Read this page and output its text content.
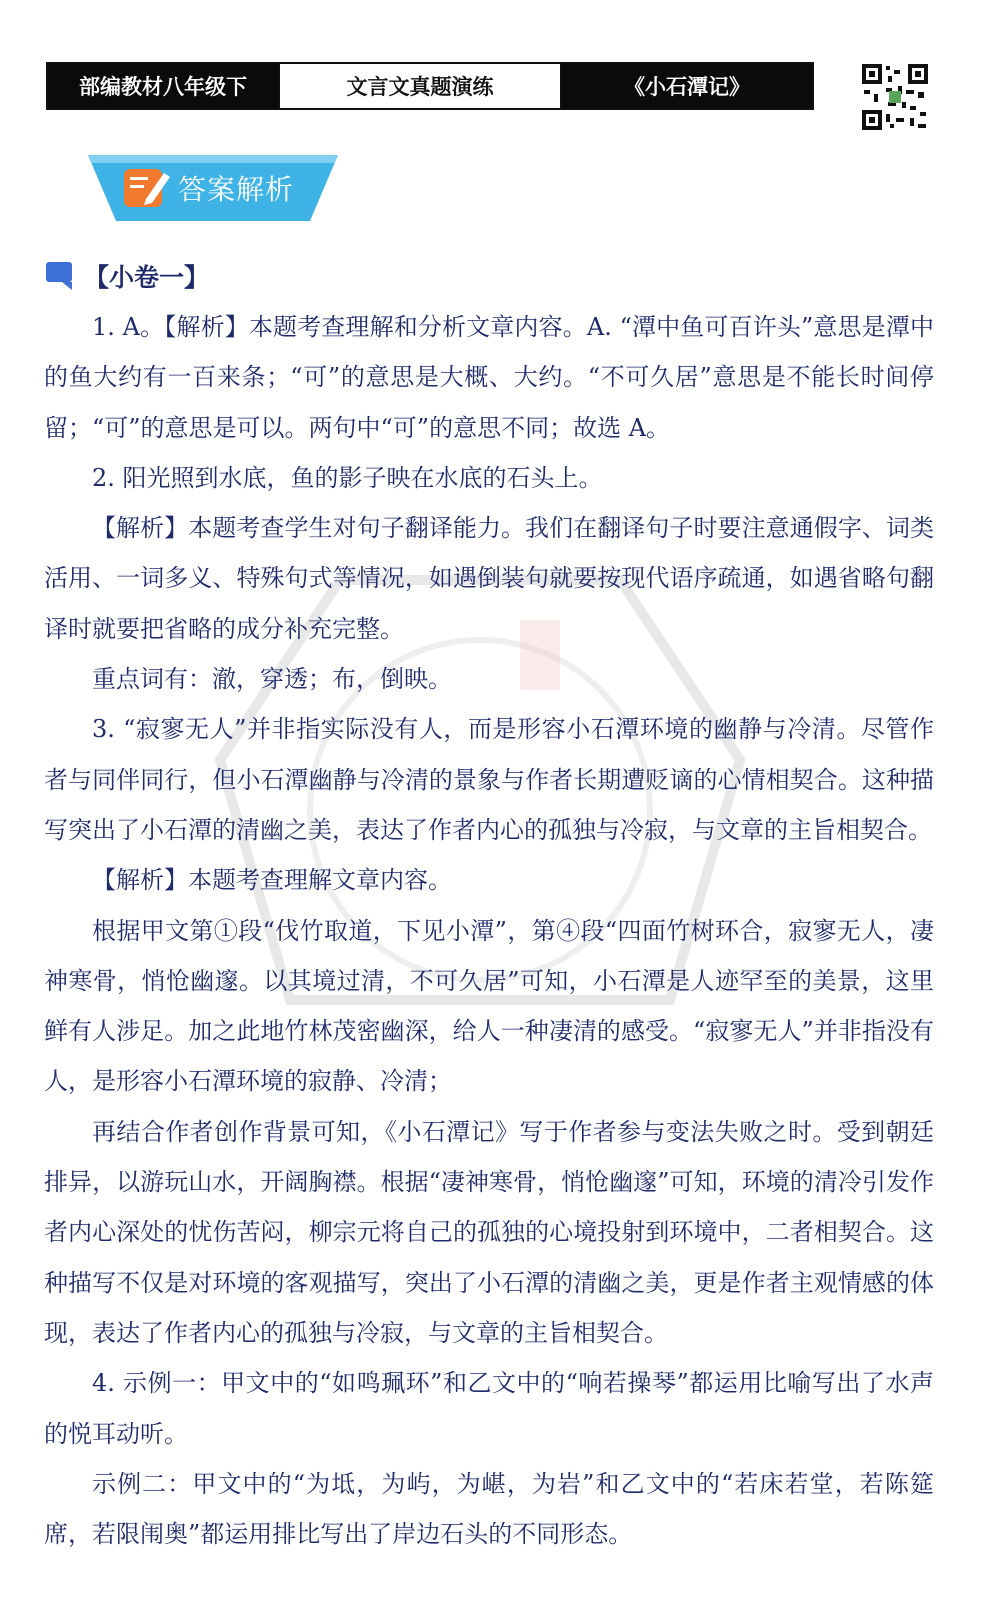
部编教材八年级下	文言文真题演练	《小石潭记》
答案解析
【小卷一】

1. A。【解析】本题考查理解和分析文章内容。A. “潭中鱼可百许头”意思是潭中的鱼大约有一百来条；“可”的意思是大概、大约。“不可久居”意思是不能长时间停留；“可”的意思是可以。两句中“可”的意思不同；故选 A。

2. 阳光照到水底，鱼的影子映在水底的石头上。

【解析】本题考查学生对句子翻译能力。我们在翻译句子时要注意通假字、词类活用、一词多义、特殊句式等情况，如遇倒装句就要按现代语序疏通，如遇省略句翻译时就要把省略的成分补充完整。

重点词有：澈，穿透；布，倒映。

3. “寂寥无人”并非指实际没有人，而是形容小石潭环境的幽静与冷清。尽管作者与同伴同行，但小石潭幽静与冷清的景象与作者长期遭贬谪的心情相契合。这种描写突出了小石潭的清幽之美，表达了作者内心的孤独与冷寂，与文章的主旨相契合。

【解析】本题考查理解文章内容。

根据甲文第①段“伐竹取道，下见小潭”，第④段“四面竹树环合，寂寥无人，凄神寒骨，悄怆幽邃。以其境过清，不可久居”可知，小石潭是人迹罕至的美景，这里鲜有人涉足。加之此地竹林茂密幽深，给人一种凄清的感受。“寂寥无人”并非指没有人，是形容小石潭环境的寂静、冷清；

再结合作者创作背景可知，《小石潭记》写于作者参与变法失败之时。受到朝廷排异，以游玩山水，开阔胸襟。根据“凄神寒骨，悄怆幽邃”可知，环境的清冷引发作者内心深处的忧伤苦闷，柳宗元将自己的孤独的心境投射到环境中，二者相契合。这种描写不仅是对环境的客观描写，突出了小石潭的清幽之美，更是作者主观情感的体现，表达了作者内心的孤独与冷寂，与文章的主旨相契合。

4. 示例一：甲文中的“如鸣珮环”和乙文中的“响若操琴”都运用比喻写出了水声的悦耳动听。

示例二：甲文中的“为坻，为屿，为嵁，为岩”和乙文中的“若床若堂，若陈筵席，若限闱奥”都运用排比写出了岸边石头的不同形态。
